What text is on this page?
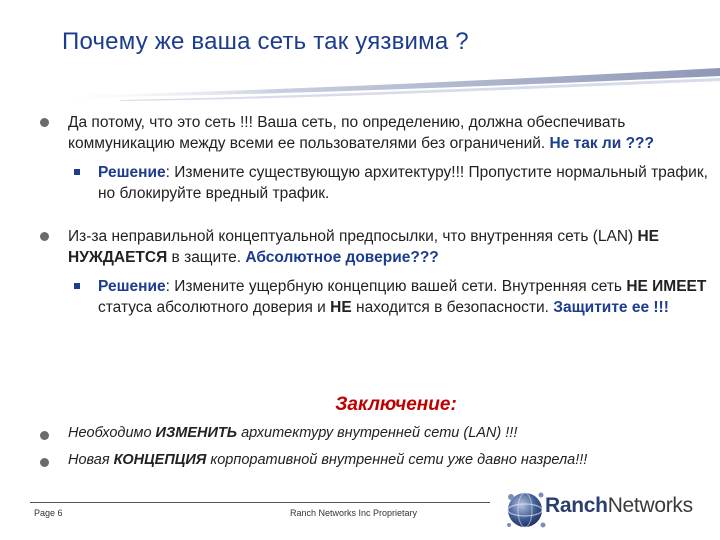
Почему же ваша сеть так уязвима ?
Да потому, что это сеть !!! Ваша сеть, по определению, должна обеспечивать коммуникацию между всеми ее пользователями без ограничений. Не так ли ???
Решение: Измените существующую архитектуру!!! Пропустите нормальный трафик, но блокируйте вредный трафик.
Из-за неправильной концептуальной предпосылки, что внутренняя сеть (LAN) НЕ НУЖДАЕТСЯ в защите. Абсолютное доверие???
Решение: Измените ущербную концепцию вашей сети. Внутренняя сеть НЕ ИМЕЕТ статуса абсолютного доверия и НЕ находится в безопасности. Защитите ее !!!
Заключение:
Необходимо ИЗМЕНИТЬ архитектуру внутренней сети (LAN) !!!
Новая КОНЦЕПЦИЯ корпоративной внутренней сети уже давно назрела!!!
Page 6	Ranch Networks Inc Proprietary	RanchNetworks
